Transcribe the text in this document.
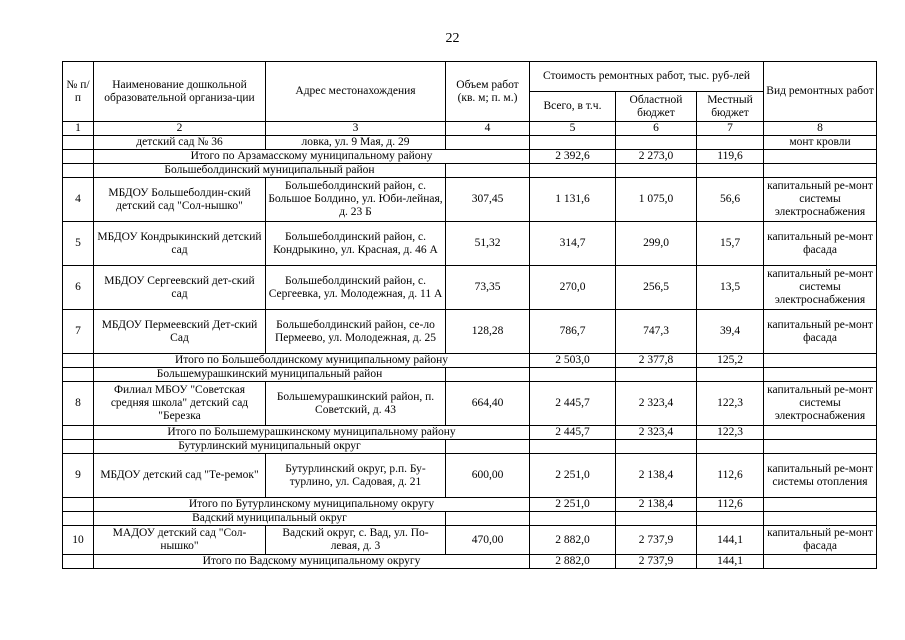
22
№ п/п	Наименование дошкольной образовательной организа-ции	Адрес местонахождения	Объем работ (кв. м; п. м.)	Стоимость ремонтных работ, тыс. руб-лей			Вид ремонтных работ
				Всего, в т.ч.	Областной бюджет	Местный бюджет	
1	2	3	4	5	6	7	8
	детский сад № 36	ловка, ул. 9 Мая, д. 29					монт кровли
	Итого по Арзамасскому муниципальному району			2 392,6	2 273,0	119,6	
	Большеболдинский муниципальный район						
4	МБДОУ Большеболдин-ский детский сад "Сол-нышко"	Большеболдинский район, с. Большое Болдино, ул. Юби-лейная, д. 23 Б	307,45	1 131,6	1 075,0	56,6	капитальный ре-монт системы электроснабжения
5	МБДОУ Кондрыкинский детский сад	Большеболдинский район, с. Кондрыкино, ул. Красная, д. 46 А	51,32	314,7	299,0	15,7	капитальный ре-монт фасада
6	МБДОУ Сергеевский дет-ский сад	Большеболдинский район, с. Сергеевка, ул. Молодежная, д. 11 А	73,35	270,0	256,5	13,5	капитальный ре-монт системы электроснабжения
7	МБДОУ Пермеевский Дет-ский Сад	Большеболдинский район, се-ло Пермеево, ул. Молодежная, д. 25	128,28	786,7	747,3	39,4	капитальный ре-монт фасада
	Итого по Большеболдинскому муниципальному району			2 503,0	2 377,8	125,2	
	Большемурашкинский муниципальный район						
8	Филиал МБОУ "Советская средняя школа" детский сад "Березка	Большемурашкинский район, п. Советский, д. 43	664,40	2 445,7	2 323,4	122,3	капитальный ре-монт системы электроснабжения
	Итого по Большемурашкинскому муниципальному району			2 445,7	2 323,4	122,3	
	Бутурлинский муниципальный округ						
9	МБДОУ детский сад "Те-ремок"	Бутурлинский округ, р.п. Бу-турлино, ул. Садовая, д. 21	600,00	2 251,0	2 138,4	112,6	капитальный ре-монт системы отопления
	Итого по Бутурлинскому муниципальному округу			2 251,0	2 138,4	112,6	
	Вадский муниципальный округ						
10	МАДОУ детский сад "Сол-нышко"	Вадский округ, с. Вад, ул. По-левая, д. 3	470,00	2 882,0	2 737,9	144,1	капитальный ре-монт фасада
	Итого по Вадскому муниципальному округу			2 882,0	2 737,9	144,1	
